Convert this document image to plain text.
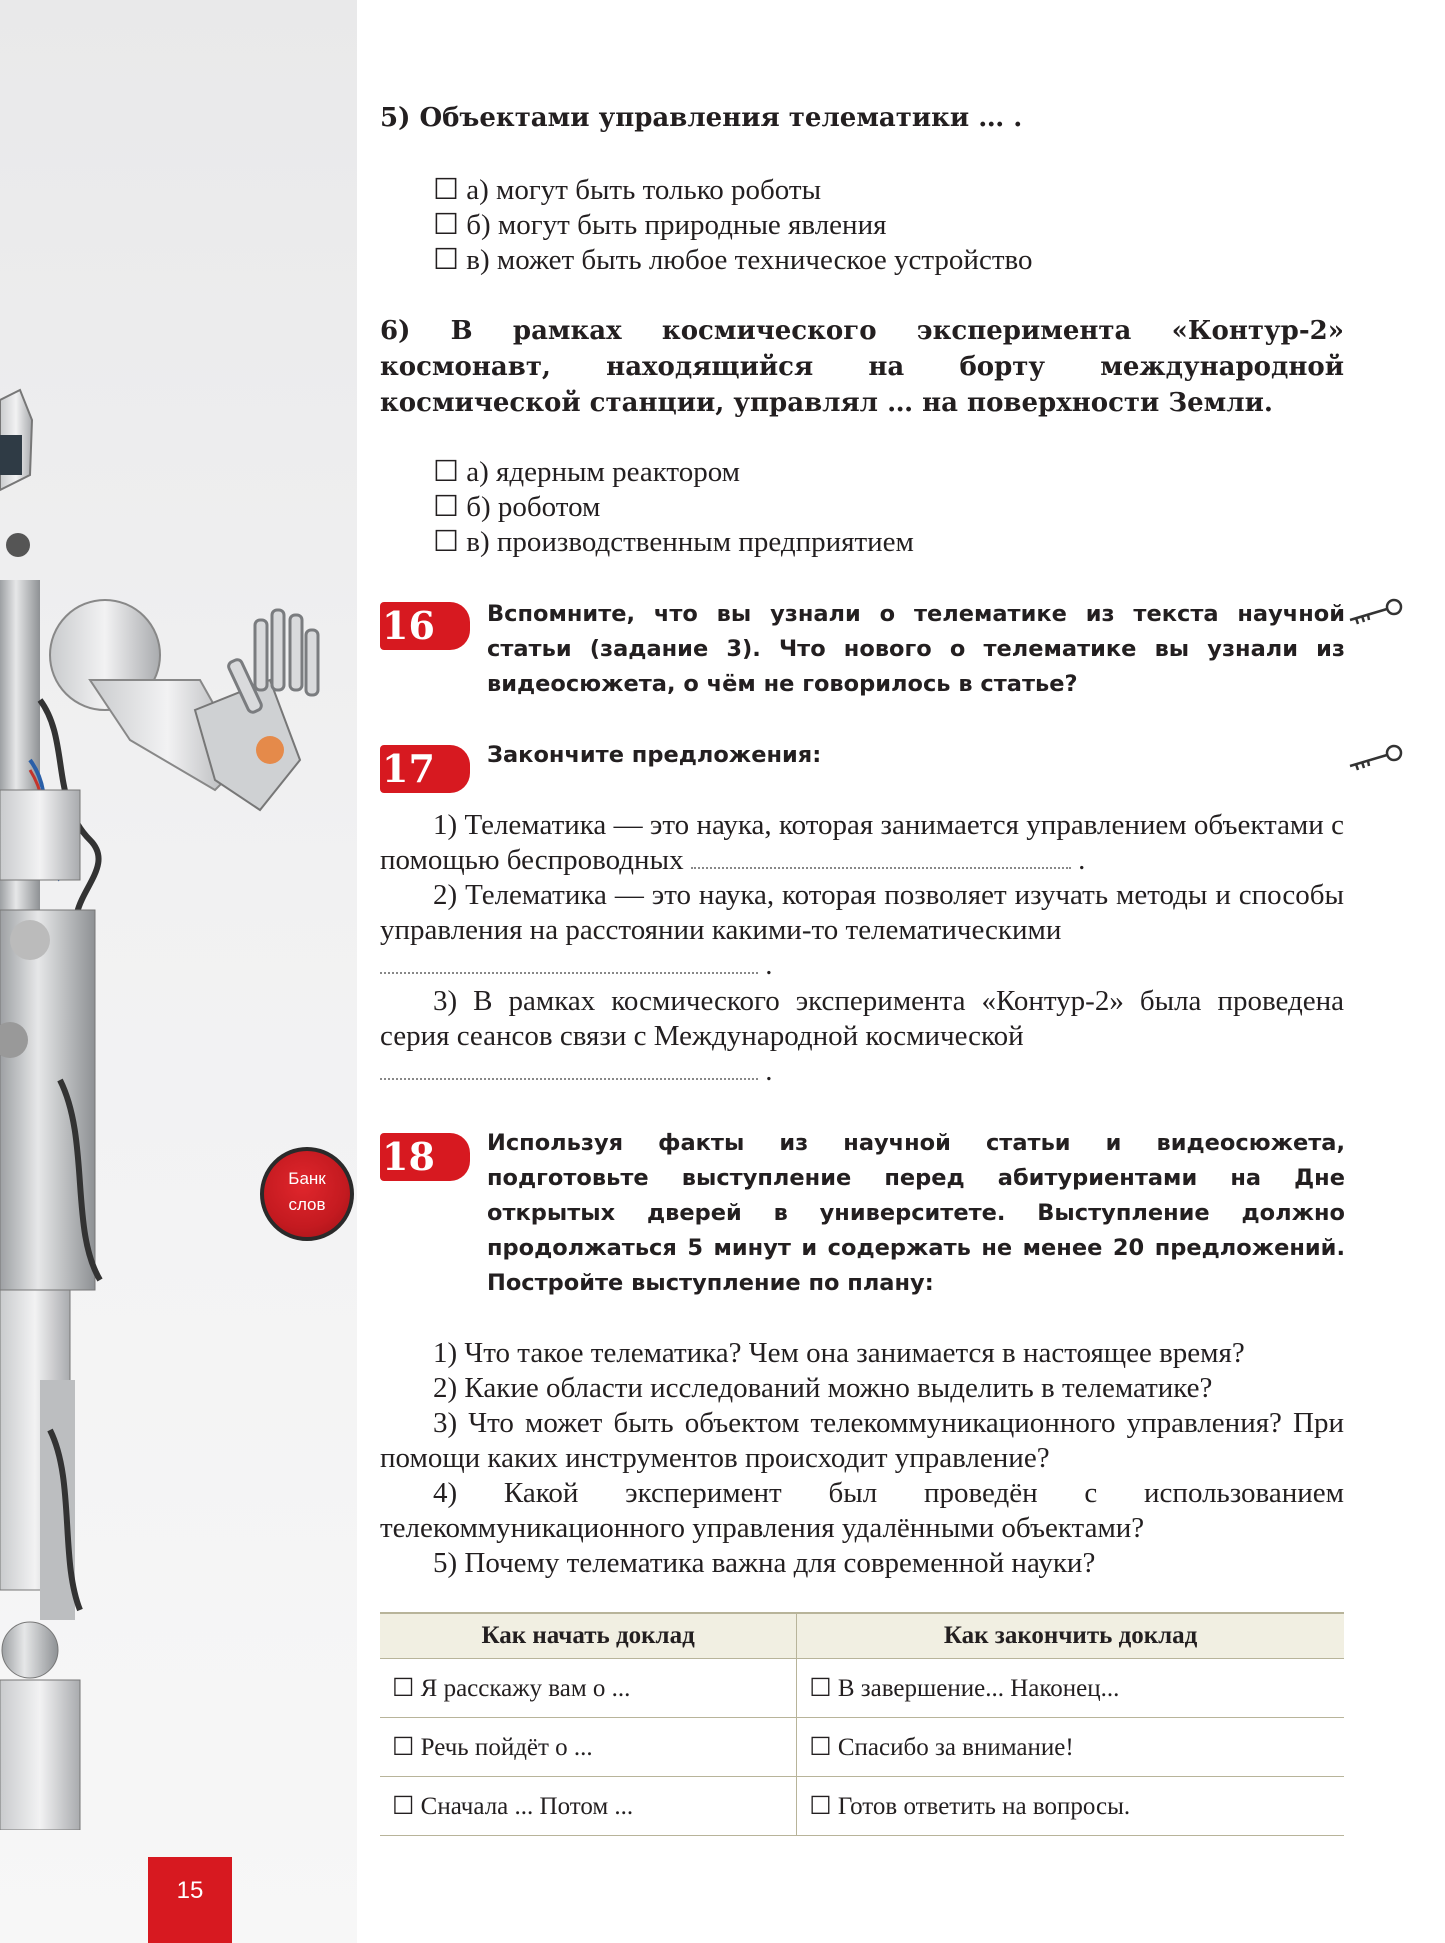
Банк
слов
15
5) Объектами управления телематики … .
☐ а) могут быть только роботы
☐ б) могут быть природные явления
☐ в) может быть любое техническое устройство
6) В рамках космического эксперимента «Контур-2» космонавт, находящийся на борту международной космической станции, управлял … на поверхности Земли.
☐ а) ядерным реактором
☐ б) роботом
☐ в) производственным предприятием
16	Вспомните, что вы узнали о телематике из текста научной статьи (задание 3). Что нового о телематике вы узнали из видеосюжета, о чём не говорилось в статье?
17	Закончите предложения:
1) Телематика — это наука, которая занимается управлением объектами с помощью беспроводных	.
2) Телематика — это наука, которая позволяет изучать методы и способы управления на расстоянии какими-то телематическими
.
3) В рамках космического эксперимента «Контур-2» была проведена серия сеансов связи с Международной космической
.
18	Используя факты из научной статьи и видеосюжета, подготовьте выступление перед абитуриентами на Дне открытых дверей в университете. Выступление должно продолжаться 5 минут и содержать не менее 20 предложений. Постройте выступление по плану:
1) Что такое телематика? Чем она занимается в настоящее время?
2) Какие области исследований можно выделить в телематике?
3) Что может быть объектом телекоммуникационного управления? При помощи каких инструментов происходит управление?
4) Какой эксперимент был проведён с использованием телекоммуникационного управления удалёнными объектами?
5) Почему телематика важна для современной науки?
Как начать доклад	Как закончить доклад
☐ Я расскажу вам о ...	☐ В завершение... Наконец...
☐ Речь пойдёт о ...	☐ Спасибо за внимание!
☐ Сначала ... Потом ...	☐ Готов ответить на вопросы.
